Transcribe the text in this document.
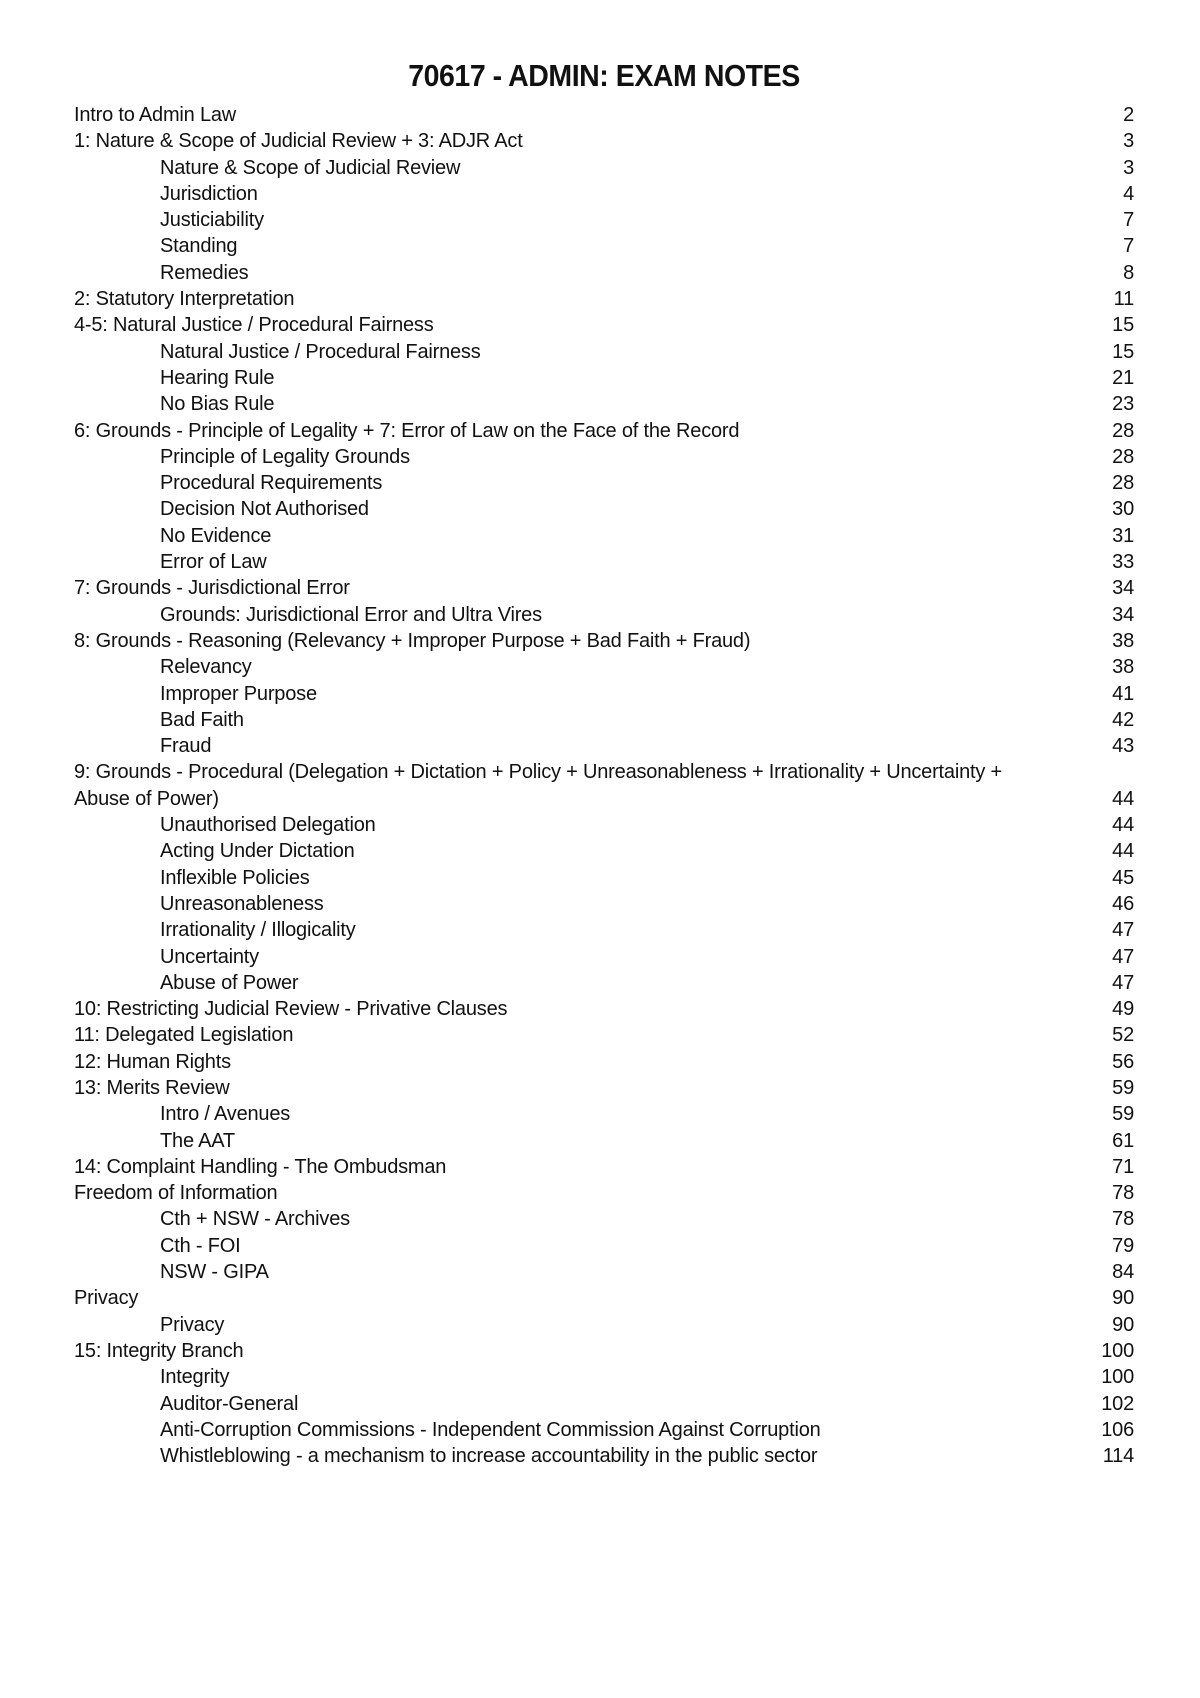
70617 - ADMIN: EXAM NOTES
Intro to Admin Law	2
1: Nature & Scope of Judicial Review + 3: ADJR Act	3
Nature & Scope of Judicial Review	3
Jurisdiction	4
Justiciability	7
Standing	7
Remedies	8
2: Statutory Interpretation	11
4-5: Natural Justice / Procedural Fairness	15
Natural Justice / Procedural Fairness	15
Hearing Rule	21
No Bias Rule	23
6: Grounds - Principle of Legality + 7: Error of Law on the Face of the Record	28
Principle of Legality Grounds	28
Procedural Requirements	28
Decision Not Authorised	30
No Evidence	31
Error of Law	33
7: Grounds - Jurisdictional Error	34
Grounds: Jurisdictional Error and Ultra Vires	34
8: Grounds - Reasoning (Relevancy + Improper Purpose + Bad Faith + Fraud)	38
Relevancy	38
Improper Purpose	41
Bad Faith	42
Fraud	43
9: Grounds - Procedural (Delegation + Dictation + Policy + Unreasonableness + Irrationality + Uncertainty +
Abuse of Power)	44
Unauthorised Delegation	44
Acting Under Dictation	44
Inflexible Policies	45
Unreasonableness	46
Irrationality / Illogicality	47
Uncertainty	47
Abuse of Power	47
10: Restricting Judicial Review - Privative Clauses	49
11: Delegated Legislation	52
12: Human Rights	56
13: Merits Review	59
Intro / Avenues	59
The AAT	61
14: Complaint Handling - The Ombudsman	71
Freedom of Information	78
Cth + NSW - Archives	78
Cth - FOI	79
NSW - GIPA	84
Privacy	90
Privacy	90
15: Integrity Branch	100
Integrity	100
Auditor-General	102
Anti-Corruption Commissions - Independent Commission Against Corruption	106
Whistleblowing - a mechanism to increase accountability in the public sector	114
